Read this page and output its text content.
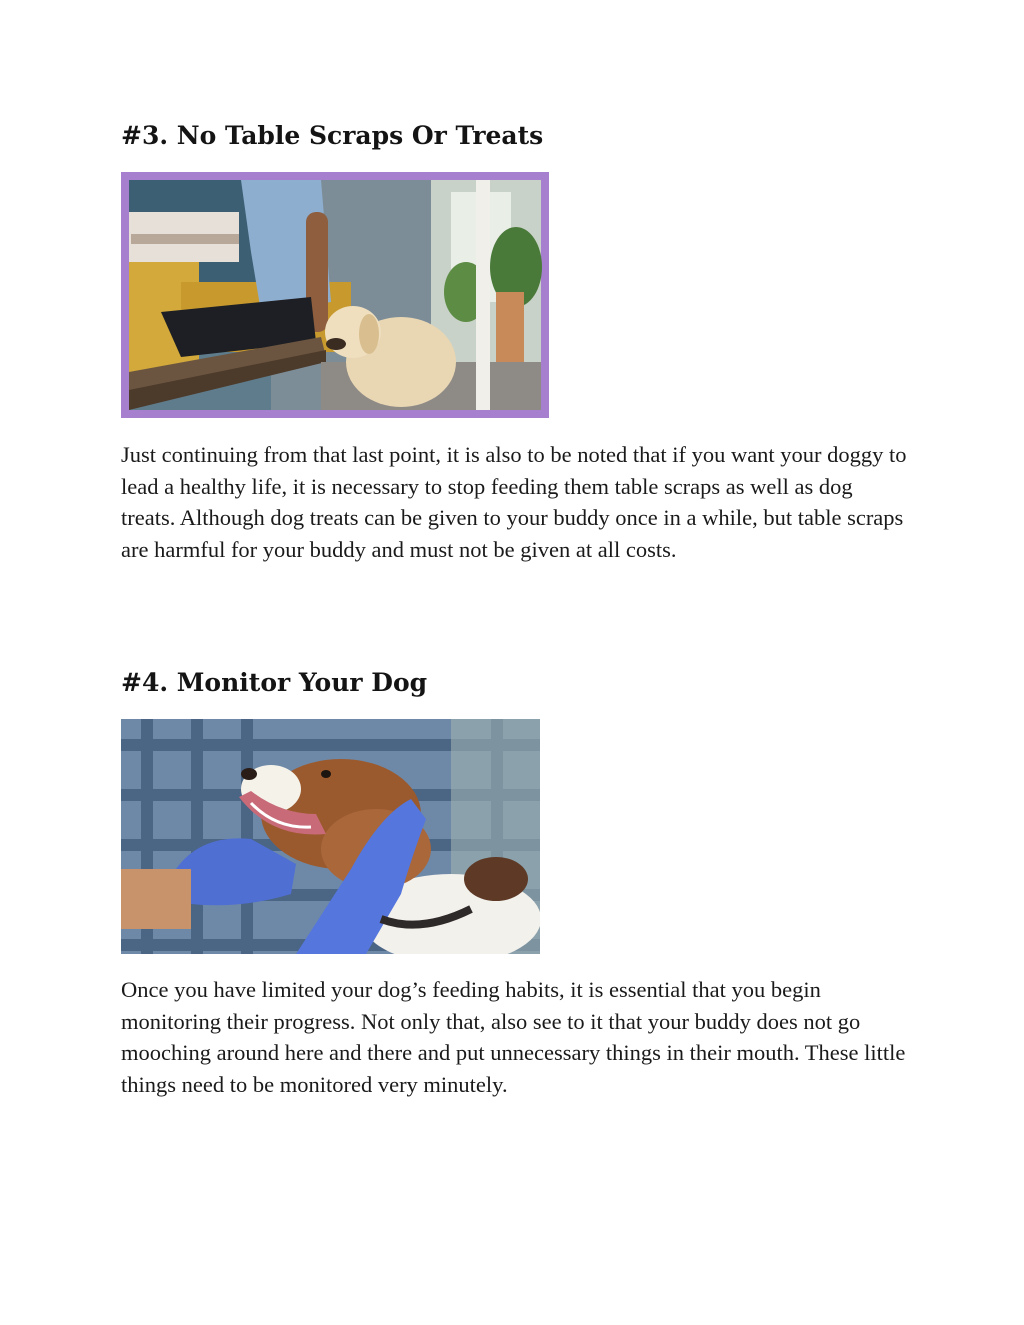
#3. No Table Scraps Or Treats

Just continuing from that last point, it is also to be noted that if you want your doggy to lead a healthy life, it is necessary to stop feeding them table scraps as well as dog treats. Although dog treats can be given to your buddy once in a while, but table scraps are harmful for your buddy and must not be given at all costs.

#4. Monitor Your Dog

Once you have limited your dog’s feeding habits, it is essential that you begin monitoring their progress. Not only that, also see to it that your buddy does not go mooching around here and there and put unnecessary things in their mouth. These little things need to be monitored very minutely.
